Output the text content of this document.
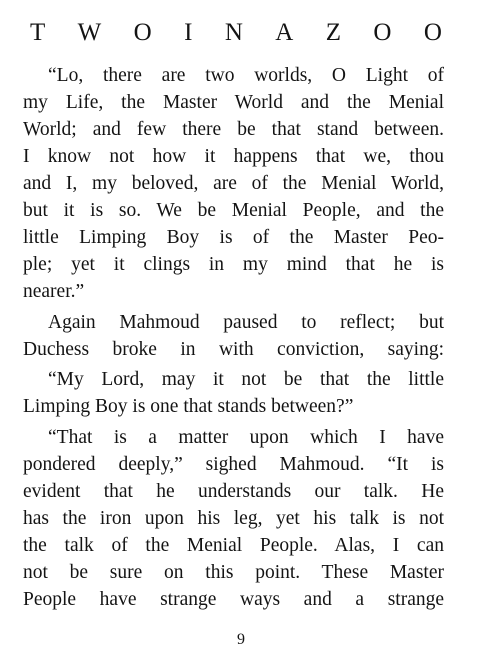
T W O I N A Z O O
“Lo, there are two worlds, O Light of
my Life, the Master World and the Menial
World; and few there be that stand between.
I know not how it happens that we, thou
and I, my beloved, are of the Menial World,
but it is so. We be Menial People, and the
little Limping Boy is of the Master Peo-
ple; yet it clings in my mind that he is
nearer.”
Again Mahmoud paused to reflect; but
Duchess broke in with conviction, saying:
“My Lord, may it not be that the little
Limping Boy is one that stands between?”
“That is a matter upon which I have
pondered deeply,” sighed Mahmoud. “It is
evident that he understands our talk. He
has the iron upon his leg, yet his talk is not
the talk of the Menial People. Alas, I can
not be sure on this point. These Master
People have strange ways and a strange
9
